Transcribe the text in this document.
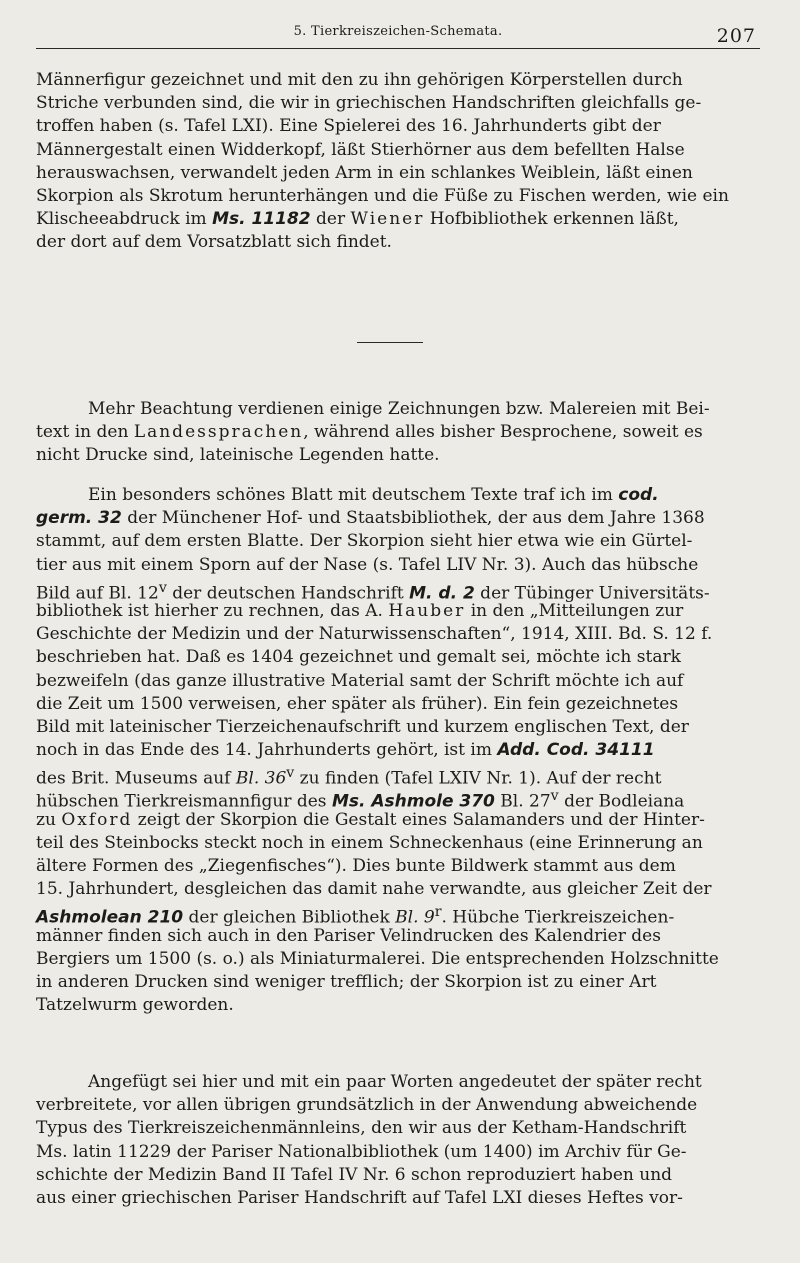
5. Tierkreiszeichen-Schemata.	207
Männerfigur gezeichnet und mit den zu ihn gehörigen Körperstellen durch
Striche verbunden sind, die wir in griechischen Handschriften gleichfalls ge-
troffen haben (s. Tafel LXI). Eine Spielerei des 16. Jahrhunderts gibt der
Männergestalt einen Widderkopf, läßt Stierhörner aus dem befellten Halse
herauswachsen, verwandelt jeden Arm in ein schlankes Weiblein, läßt einen
Skorpion als Skrotum herunterhängen und die Füße zu Fischen werden, wie ein
Klischeeabdruck im Ms. 11182 der Wiener Hofbibliothek erkennen läßt,
der dort auf dem Vorsatzblatt sich findet.
Mehr Beachtung verdienen einige Zeichnungen bzw. Malereien mit Bei-
text in den Landessprachen, während alles bisher Besprochene, soweit es
nicht Drucke sind, lateinische Legenden hatte.
Ein besonders schönes Blatt mit deutschem Texte traf ich im cod.
germ. 32 der Münchener Hof- und Staatsbibliothek, der aus dem Jahre 1368
stammt, auf dem ersten Blatte. Der Skorpion sieht hier etwa wie ein Gürtel-
tier aus mit einem Sporn auf der Nase (s. Tafel LIV Nr. 3). Auch das hübsche
Bild auf Bl. 12$^v$ der deutschen Handschrift M. d. 2 der Tübinger Universitäts-
bibliothek ist hierher zu rechnen, das A. Hauber in den „Mitteilungen zur
Geschichte der Medizin und der Naturwissenschaften“, 1914, XIII. Bd. S. 12 f.
beschrieben hat. Daß es 1404 gezeichnet und gemalt sei, möchte ich stark
bezweifeln (das ganze illustrative Material samt der Schrift möchte ich auf
die Zeit um 1500 verweisen, eher später als früher). Ein fein gezeichnetes
Bild mit lateinischer Tierzeichenaufschrift und kurzem englischen Text, der
noch in das Ende des 14. Jahrhunderts gehört, ist im Add. Cod. 34111
des Brit. Museums auf Bl. 36$^v$ zu finden (Tafel LXIV Nr. 1). Auf der recht
hübschen Tierkreismannfigur des Ms. Ashmole 370 Bl. 27$^v$ der Bodleiana
zu Oxford zeigt der Skorpion die Gestalt eines Salamanders und der Hinter-
teil des Steinbocks steckt noch in einem Schneckenhaus (eine Erinnerung an
ältere Formen des „Ziegenfisches“). Dies bunte Bildwerk stammt aus dem
15. Jahrhundert, desgleichen das damit nahe verwandte, aus gleicher Zeit der
Ashmolean 210 der gleichen Bibliothek Bl. 9$^r$. Hübche Tierkreiszeichen-
männer finden sich auch in den Pariser Velindrucken des Kalendrier des
Bergiers um 1500 (s. o.) als Miniaturmalerei. Die entsprechenden Holzschnitte
in anderen Drucken sind weniger trefflich; der Skorpion ist zu einer Art
Tatzelwurm geworden.
Angefügt sei hier und mit ein paar Worten angedeutet der später recht
verbreitete, vor allen übrigen grundsätzlich in der Anwendung abweichende
Typus des Tierkreiszeichenmännleins, den wir aus der Ketham-Handschrift
Ms. latin 11229 der Pariser Nationalbibliothek (um 1400) im Archiv für Ge-
schichte der Medizin Band II Tafel IV Nr. 6 schon reproduziert haben und
aus einer griechischen Pariser Handschrift auf Tafel LXI dieses Heftes vor-
